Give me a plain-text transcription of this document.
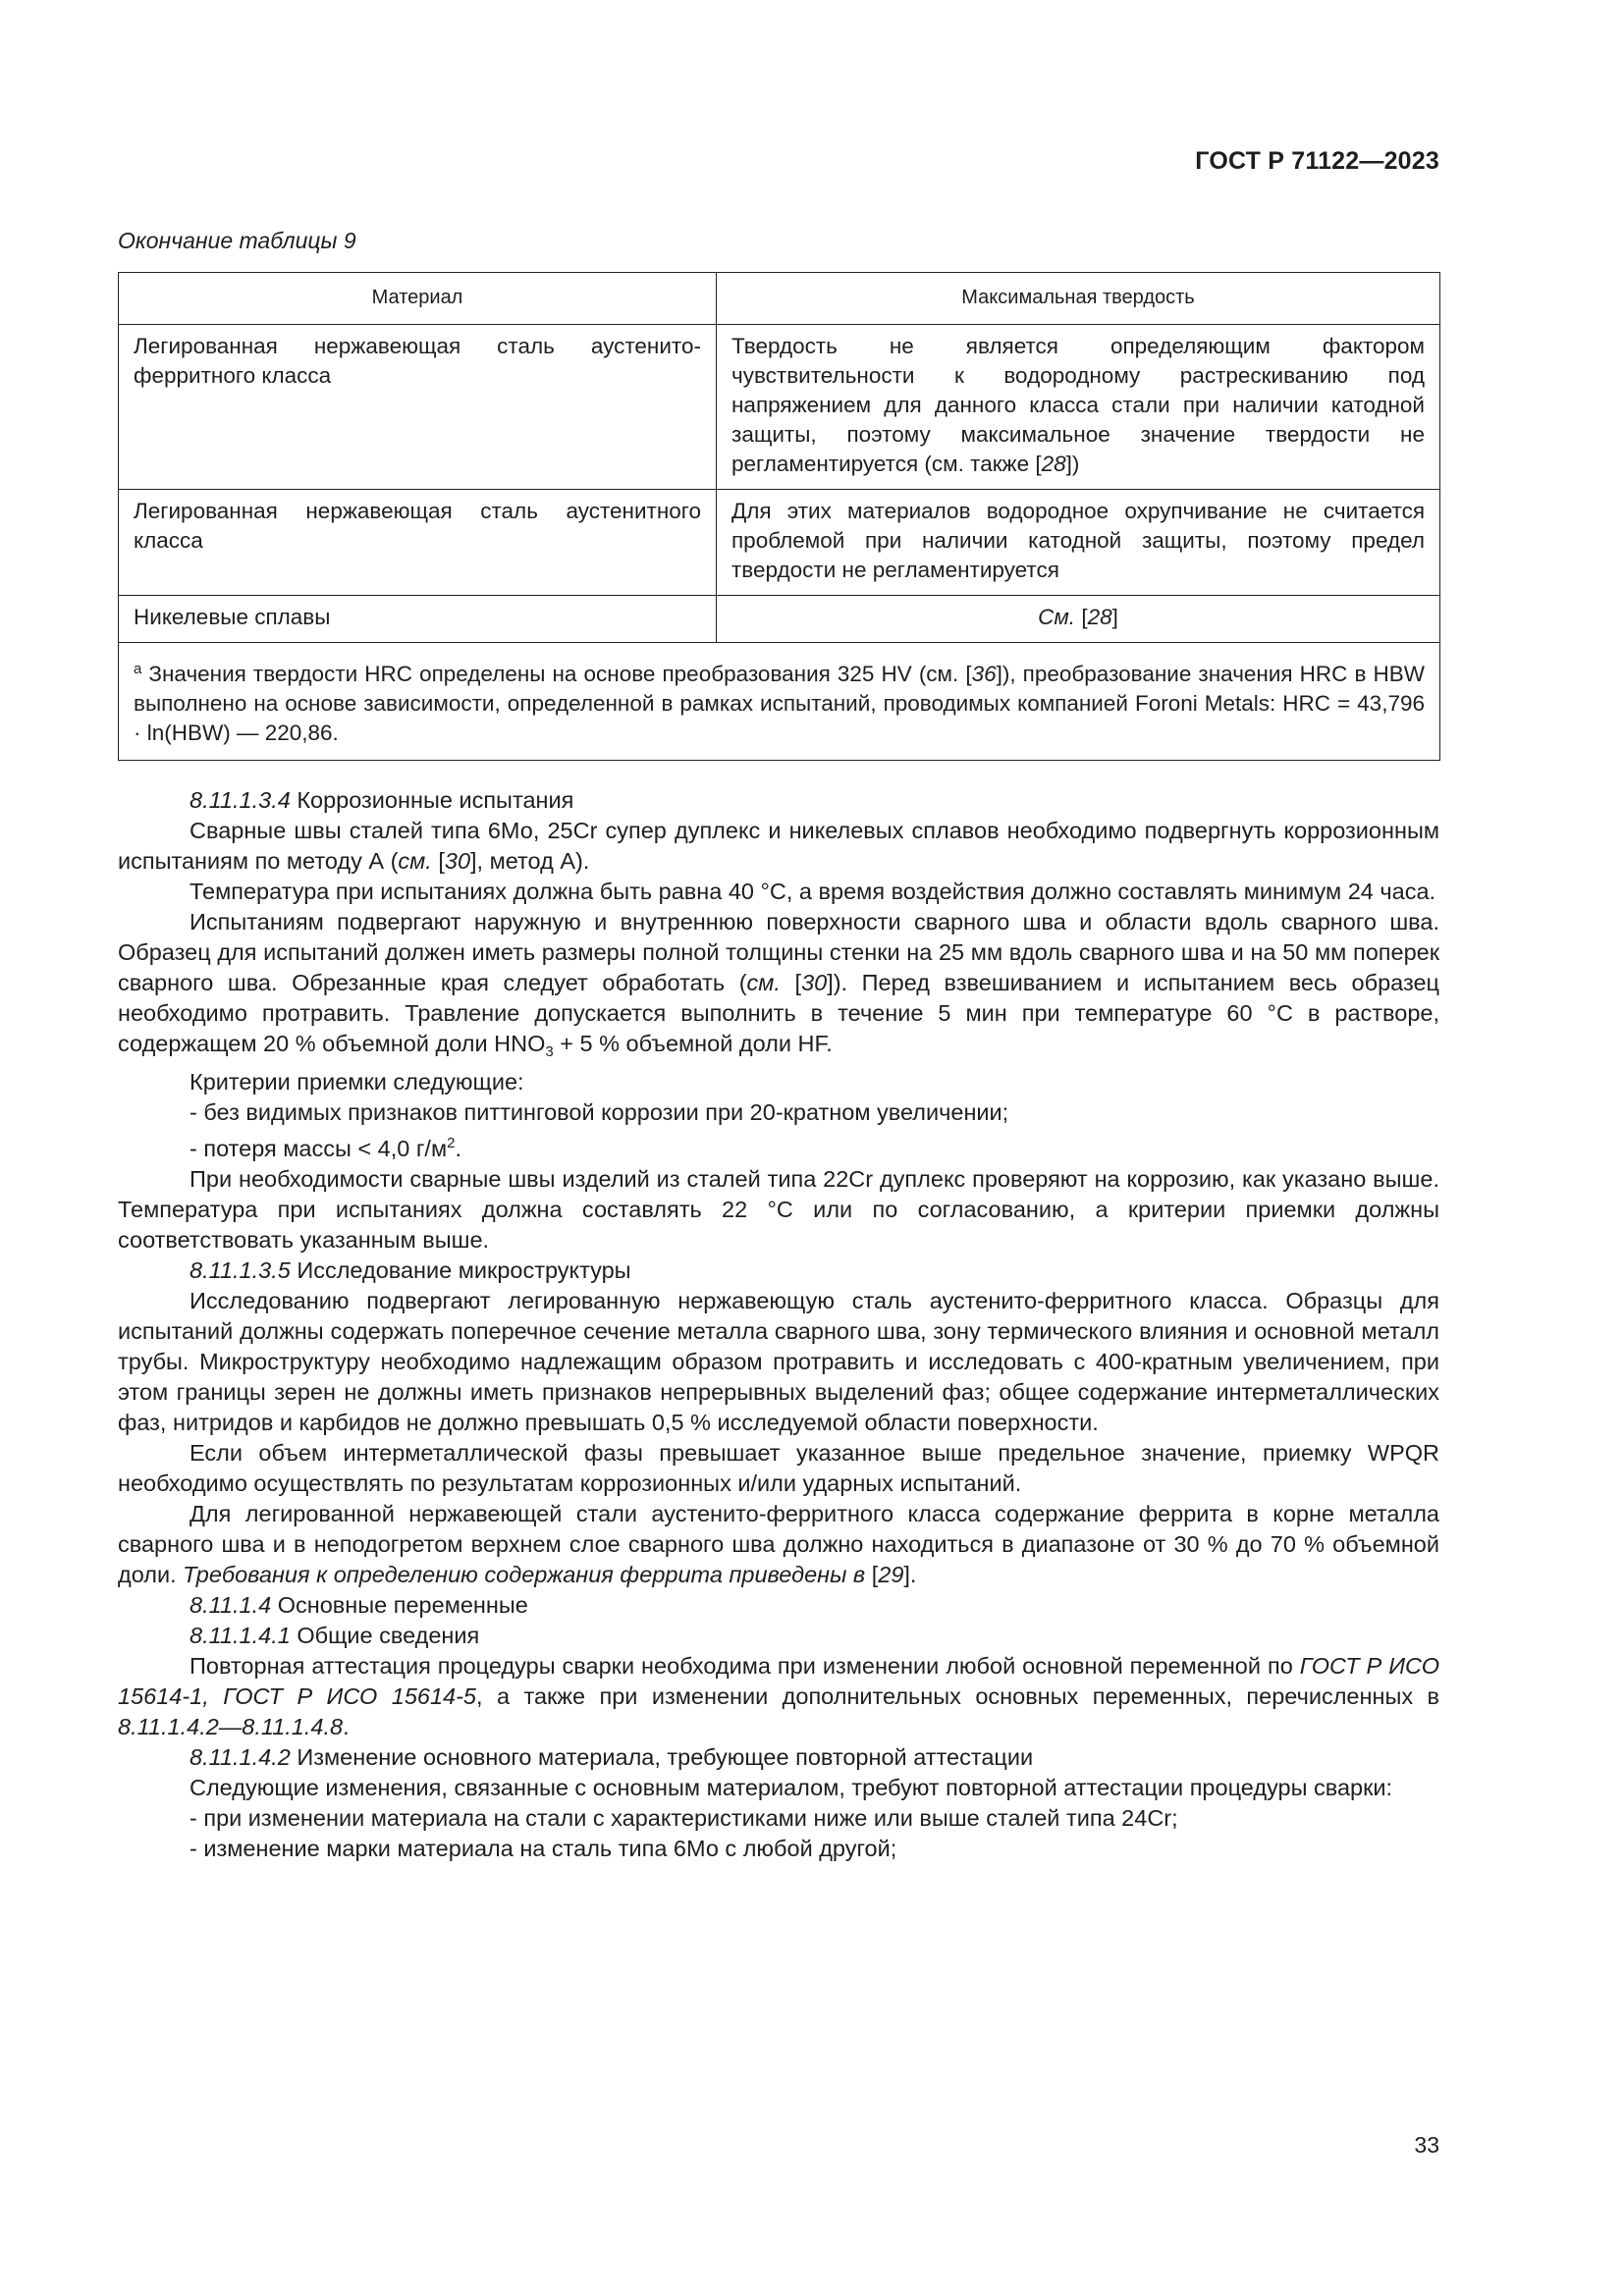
ГОСТ Р 71122—2023
Окончание таблицы 9
Материал	Максимальная твердость
Легированная нержавеющая сталь аустенито-ферритного класса	Твердость не является определяющим фактором чувствительности к водородному растрескиванию под напряжением для данного класса стали при наличии катодной защиты, поэтому максимальное значение твердости не регламентируется (см. также [28])
Легированная нержавеющая сталь аустенитного класса	Для этих материалов водородное охрупчивание не считается проблемой при наличии катодной защиты, поэтому предел твердости не регламентируется
Никелевые сплавы	См. [28]
$^а$ Значения твердости HRC определены на основе преобразования 325 HV (см. [36]), преобразование значения HRC в HBW выполнено на основе зависимости, определенной в рамках испытаний, проводимых компанией Foroni Metals: HRC = 43,796 · ln(HBW) — 220,86.	

8.11.1.3.4 Коррозионные испытания

Сварные швы сталей типа 6Мо, 25Cr супер дуплекс и никелевых сплавов необходимо подвергнуть коррозионным испытаниям по методу А (см. [30], метод А).

Температура при испытаниях должна быть равна 40 °С, а время воздействия должно составлять минимум 24 часа.

Испытаниям подвергают наружную и внутреннюю поверхности сварного шва и области вдоль сварного шва. Образец для испытаний должен иметь размеры полной толщины стенки на 25 мм вдоль сварного шва и на 50 мм поперек сварного шва. Обрезанные края следует обработать (см. [30]). Перед взвешиванием и испытанием весь образец необходимо протравить. Травление допускается выполнить в течение 5 мин при температуре 60 °С в растворе, содержащем 20 % объемной доли $HNO_3 + 5$ % объемной доли HF.

Критерии приемки следующие:

- без видимых признаков питтинговой коррозии при 20-кратном увеличении;

- потеря массы < 4,0 $г/м^2$.

При необходимости сварные швы изделий из сталей типа 22Cr дуплекс проверяют на коррозию, как указано выше. Температура при испытаниях должна составлять 22 °С или по согласованию, а критерии приемки должны соответствовать указанным выше.

8.11.1.3.5 Исследование микроструктуры

Исследованию подвергают легированную нержавеющую сталь аустенито-ферритного класса. Образцы для испытаний должны содержать поперечное сечение металла сварного шва, зону термического влияния и основной металл трубы. Микроструктуру необходимо надлежащим образом протравить и исследовать с 400-кратным увеличением, при этом границы зерен не должны иметь признаков непрерывных выделений фаз; общее содержание интерметаллических фаз, нитридов и карбидов не должно превышать 0,5 % исследуемой области поверхности.

Если объем интерметаллической фазы превышает указанное выше предельное значение, приемку WPQR необходимо осуществлять по результатам коррозионных и/или ударных испытаний.

Для легированной нержавеющей стали аустенито-ферритного класса содержание феррита в корне металла сварного шва и в неподогретом верхнем слое сварного шва должно находиться в диапазоне от 30 % до 70 % объемной доли. Требования к определению содержания феррита приведены в [29].

8.11.1.4 Основные переменные

8.11.1.4.1 Общие сведения

Повторная аттестация процедуры сварки необходима при изменении любой основной переменной по ГОСТ Р ИСО 15614-1, ГОСТ Р ИСО 15614-5, а также при изменении дополнительных основных переменных, перечисленных в 8.11.1.4.2—8.11.1.4.8.

8.11.1.4.2 Изменение основного материала, требующее повторной аттестации

Следующие изменения, связанные с основным материалом, требуют повторной аттестации процедуры сварки:

- при изменении материала на стали с характеристиками ниже или выше сталей типа 24Cr;

- изменение марки материала на сталь типа 6Мо с любой другой;

33
